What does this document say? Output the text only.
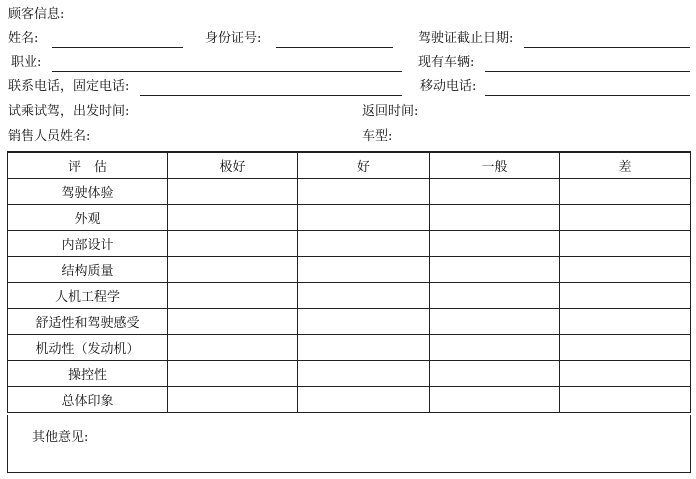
顾客信息:
姓名:	身份证号:	驾驶证截止日期:
职业:	现有车辆:
联系电话，固定电话:	移动电话:
试乘试驾，出发时间:	返回时间:
销售人员姓名:	车型:
评　估	极好	好	一般	差
驾驶体验				
外观				
内部设计				
结构质量				
人机工程学				
舒适性和驾驶感受				
机动性（发动机）				
操控性				
总体印象				
其他意见:
